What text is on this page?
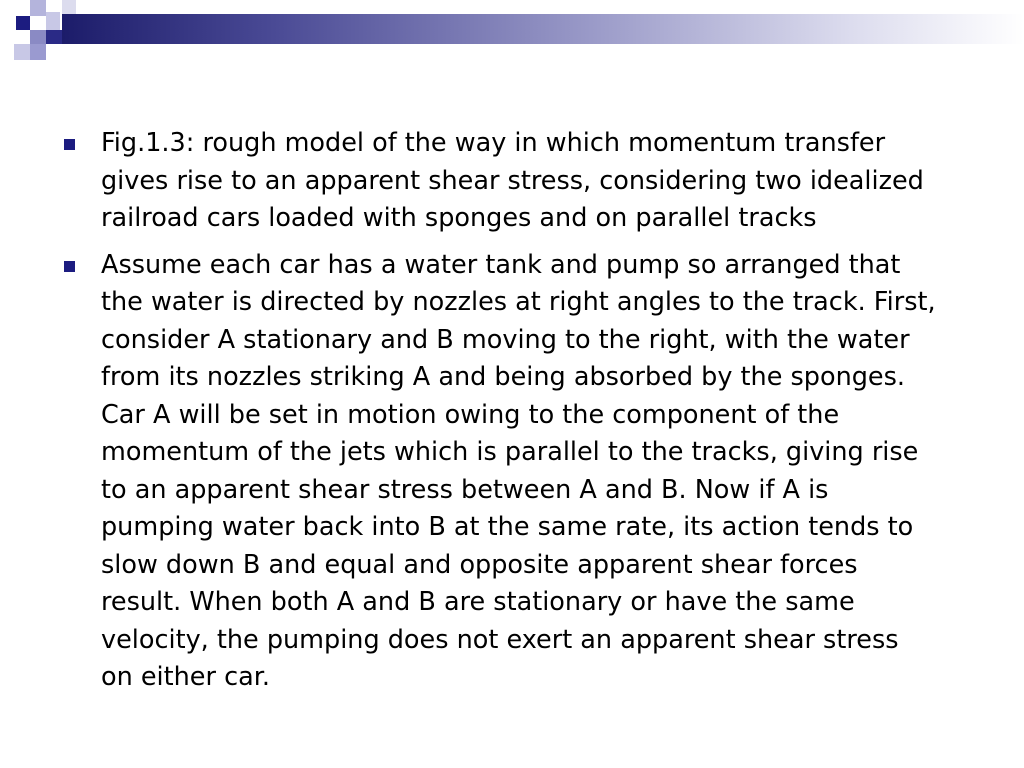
Fig.1.3: rough model of the way in which momentum transfer
gives rise to an apparent shear stress, considering two idealized
railroad cars loaded with sponges and on parallel tracks

Assume each car has a water tank and pump so arranged that
the water is directed by nozzles at right angles to the track. First,
consider A stationary and B moving to the right, with the water
from its nozzles striking A and being absorbed by the sponges.
Car A will be set in motion owing to the component of the
momentum of the jets which is parallel to the tracks, giving rise
to an apparent shear stress between A and B. Now if A is
pumping water back into B at the same rate, its action tends to
slow down B and equal and opposite apparent shear forces
result. When both A and B are stationary or have the same
velocity, the pumping does not exert an apparent shear stress
on either car.
